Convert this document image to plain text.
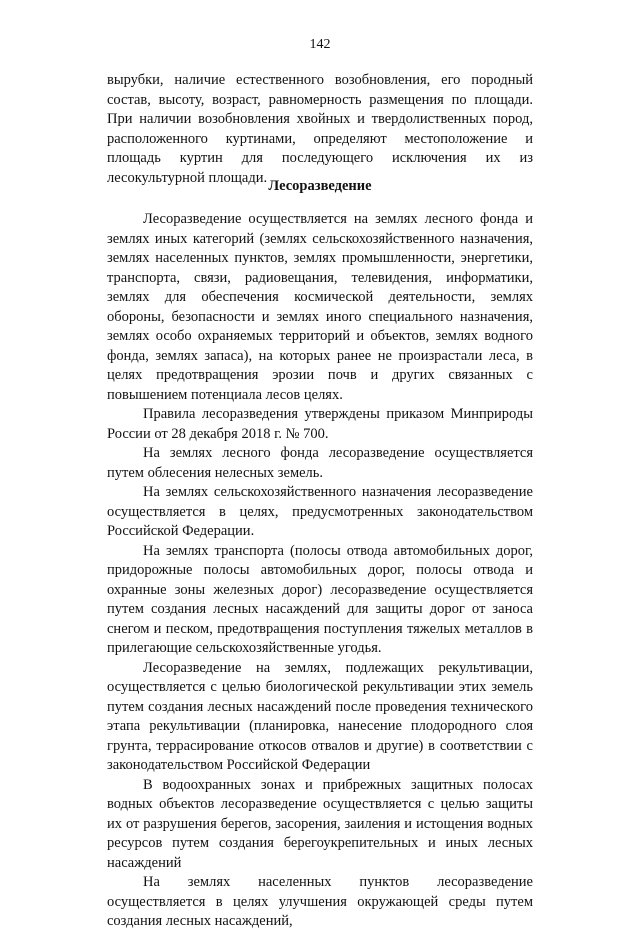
142

вырубки, наличие естественного возобновления, его породный состав, высоту, возраст, равномерность размещения по площади. При наличии возобновления хвойных и твердолиственных пород, расположенного куртинами, определяют местоположение и площадь куртин для последующего исключения их из лесокультурной площади.

Лесоразведение

Лесоразведение осуществляется на землях лесного фонда и землях иных категорий (землях сельскохозяйственного назначения, землях населенных пунктов, землях промышленности, энергетики, транспорта, связи, радиовещания, телевидения, информатики, землях для обеспечения космической деятельности, землях обороны, безопасности и землях иного специального назначения, землях особо охраняемых территорий и объектов, землях водного фонда, землях запаса), на которых ранее не произрастали леса, в целях предотвращения эрозии почв и других связанных с повышением потенциала лесов целях.

Правила лесоразведения утверждены приказом Минприроды России от 28 декабря 2018 г. № 700.

На землях лесного фонда лесоразведение осуществляется путем облесения нелесных земель.

На землях сельскохозяйственного назначения лесоразведение осуществляется в целях, предусмотренных законодательством Российской Федерации.

На землях транспорта (полосы отвода автомобильных дорог, придорожные полосы автомобильных дорог, полосы отвода и охранные зоны железных дорог) лесоразведение осуществляется путем создания лесных насаждений для защиты дорог от заноса снегом и песком, предотвращения поступления тяжелых металлов в прилегающие сельскохозяйственные угодья.

Лесоразведение на землях, подлежащих рекультивации, осуществляется с целью биологической рекультивации этих земель путем создания лесных насаждений после проведения технического этапа рекультивации (планировка, нанесение плодородного слоя грунта, террасирование откосов отвалов и другие) в соответствии с законодательством Российской Федерации

В водоохранных зонах и прибрежных защитных полосах водных объектов лесоразведение осуществляется с целью защиты их от разрушения берегов, засорения, заиления и истощения водных ресурсов путем создания берегоукрепительных и иных лесных насаждений

На землях населенных пунктов лесоразведение осуществляется в целях улучшения окружающей среды путем создания лесных насаждений,
